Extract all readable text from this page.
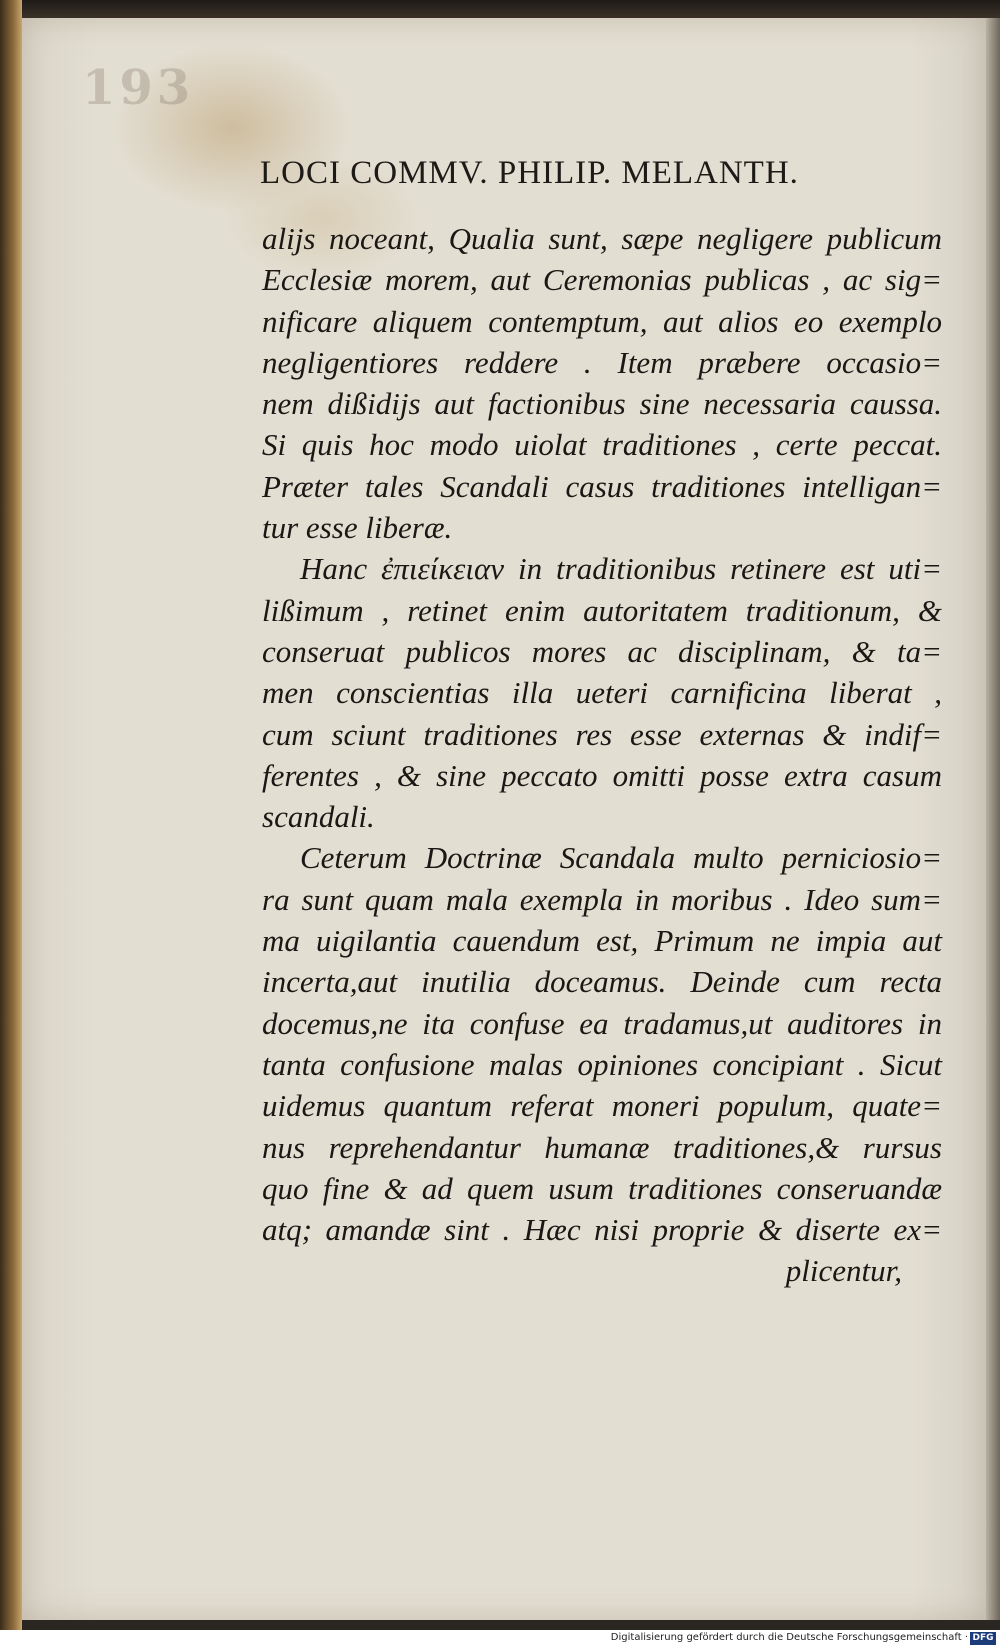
193
LOCI COMMV. PHILIP. MELANTH.
alijs noceant, Qualia sunt, sæpe negligere publicum
Ecclesiæ morem, aut Ceremonias publicas , ac sig=
nificare aliquem contemptum, aut alios eo exemplo
negligentiores reddere . Item præbere occasio=
nem dißidijs aut factionibus sine necessaria caussa.
Si quis hoc modo uiolat traditiones , certe peccat.
Præter tales Scandali casus traditiones intelligan=
tur esse liberæ.
Hanc ἐπιείκειαν in traditionibus retinere est uti=
lißimum , retinet enim autoritatem traditionum, &
conseruat publicos mores ac disciplinam, & ta=
men conscientias illa ueteri carnificina liberat ,
cum sciunt traditiones res esse externas & indif=
ferentes , & sine peccato omitti posse extra casum
scandali.
Ceterum Doctrinæ Scandala multo perniciosio=
ra sunt quam mala exempla in moribus . Ideo sum=
ma uigilantia cauendum est, Primum ne impia aut
incerta,aut inutilia doceamus. Deinde cum recta
docemus,ne ita confuse ea tradamus,ut auditores in
tanta confusione malas opiniones concipiant . Sicut
uidemus quantum referat moneri populum, quate=
nus reprehendantur humanæ traditiones,& rursus
quo fine & ad quem usum traditiones conseruandæ
atq; amandæ sint . Hæc nisi proprie & diserte ex=
plicentur,
Digitalisierung gefördert durch die Deutsche Forschungsgemeinschaft · DFG
